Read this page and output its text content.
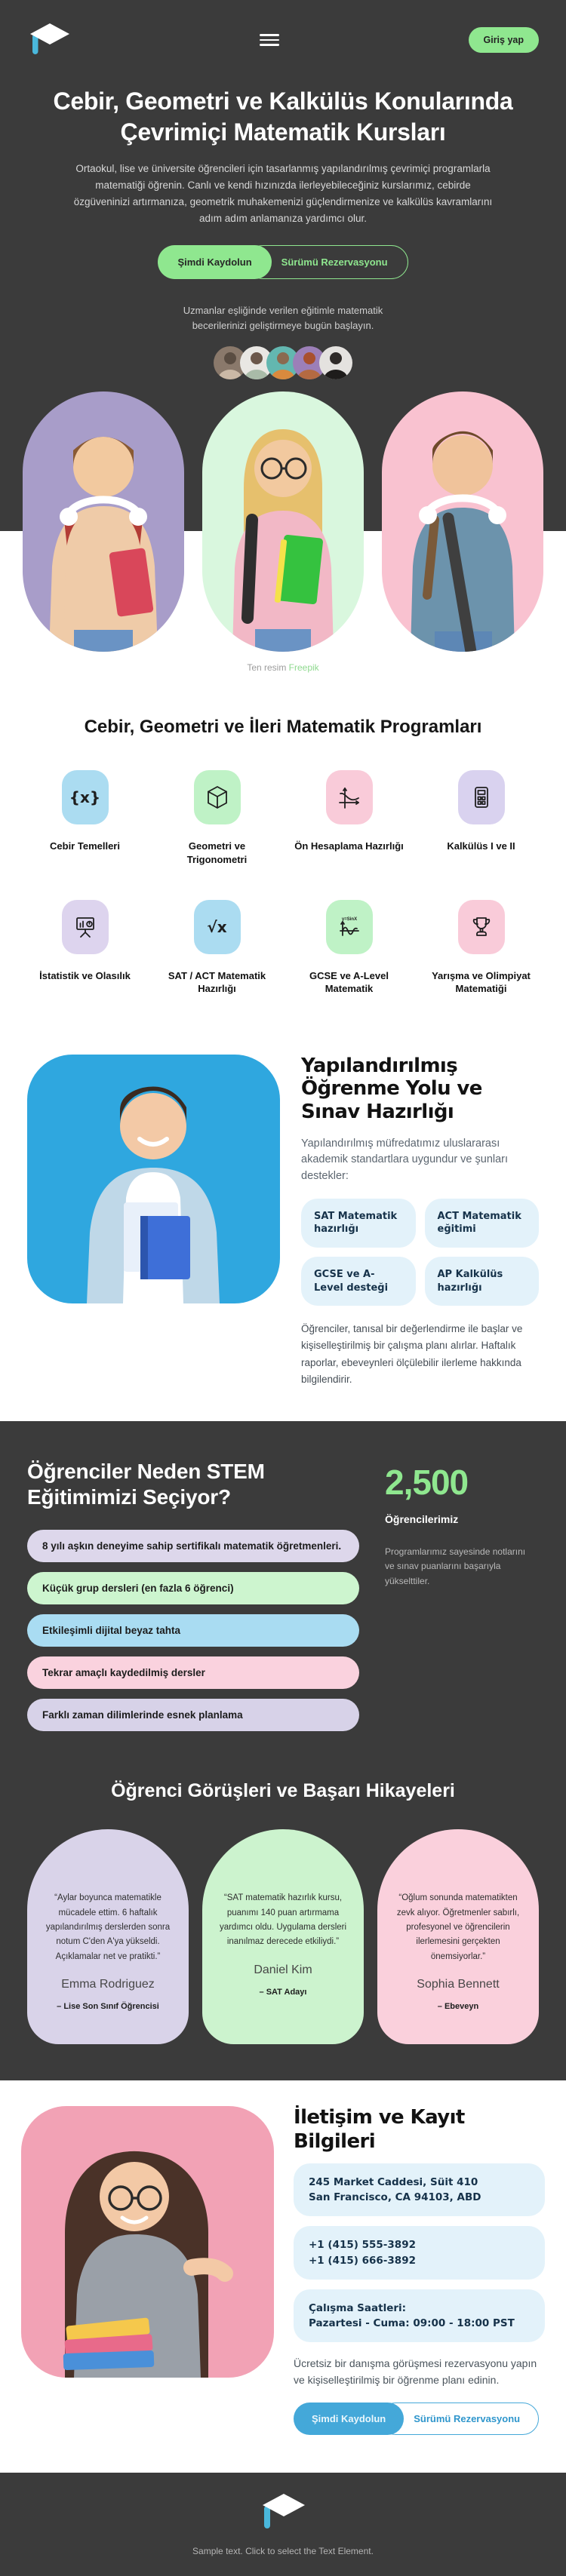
Giriş yap
Cebir, Geometri ve Kalkülüs Konularında Çevrimiçi Matematik Kursları

Ortaokul, lise ve üniversite öğrencileri için tasarlanmış yapılandırılmış çevrimiçi programlarla matematiği öğrenin. Canlı ve kendi hızınızda ilerleyebileceğiniz kurslarımız, cebirde özgüveninizi artırmanıza, geometrik muhakemenizi güçlendirmenize ve kalkülüs kavramlarını adım adım anlamanıza yardımcı olur.

Şimdi Kaydolun	Sürümü Rezervasyonu

Uzmanlar eşliğinde verilen eğitimle matematik becerilerinizi geliştirmeye bugün başlayın.

Ten resim Freepik
Cebir, Geometri ve İleri Matematik Programları
{x}
Cebir Temelleri	Geometri ve Trigonometri
Ön Hesaplama Hazırlığı	Kalkülüs I ve II
İstatistik ve Olasılık
√x
SAT / ACT Matematik Hazırlığı
y=SinX
GCSE ve A-Level Matematik
Yarışma ve Olimpiyat Matematiği
Yapılandırılmış Öğrenme Yolu ve Sınav Hazırlığı

Yapılandırılmış müfredatımız uluslararası akademik standartlara uygundur ve şunları destekler:

SAT Matematik hazırlığı
ACT Matematik eğitimi
GCSE ve A-Level desteği
AP Kalkülüs hazırlığı

Öğrenciler, tanısal bir değerlendirme ile başlar ve kişiselleştirilmiş bir çalışma planı alırlar. Haftalık raporlar, ebeveynleri ölçülebilir ilerleme hakkında bilgilendirir.

Öğrenciler Neden STEM Eğitimimizi Seçiyor?
8 yılı aşkın deneyime sahip sertifikalı matematik öğretmenleri.
Küçük grup dersleri (en fazla 6 öğrenci)
Etkileşimli dijital beyaz tahta
Tekrar amaçlı kaydedilmiş dersler
Farklı zaman dilimlerinde esnek planlama
2,500
Öğrencilerimiz

Programlarımız sayesinde notlarını ve sınav puanlarını başarıyla yükselttiler.

Öğrenci Görüşleri ve Başarı Hikayeleri

“Aylar boyunca matematikle mücadele ettim. 6 haftalık yapılandırılmış derslerden sonra notum C'den A'ya yükseldi. Açıklamalar net ve pratikti.”

Emma Rodriguez
– Lise Son Sınıf Öğrencisi

“SAT matematik hazırlık kursu, puanımı 140 puan artırmama yardımcı oldu. Uygulama dersleri inanılmaz derecede etkiliydi.”

Daniel Kim
– SAT Adayı

“Oğlum sonunda matematikten zevk alıyor. Öğretmenler sabırlı, profesyonel ve öğrencilerin ilerlemesini gerçekten önemsiyorlar.”

Sophia Bennett
– Ebeveyn
İletişim ve Kayıt Bilgileri
245 Market Caddesi, Süit 410
San Francisco, CA 94103, ABD
+1 (415) 555-3892
+1 (415) 666-3892
Çalışma Saatleri:
Pazartesi - Cuma: 09:00 - 18:00 PST

Ücretsiz bir danışma görüşmesi rezervasyonu yapın ve kişiselleştirilmiş bir öğrenme planı edinin.

Şimdi Kaydolun	Sürümü Rezervasyonu
Sample text. Click to select the Text Element.
